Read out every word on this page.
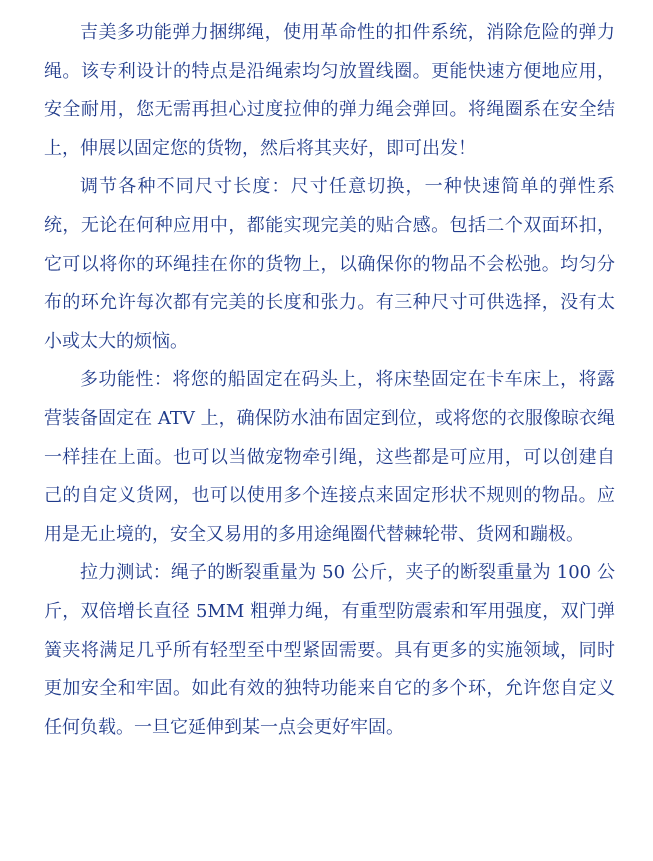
吉美多功能弹力捆绑绳，使用革命性的扣件系统，消除危险的弹力绳。该专利设计的特点是沿绳索均匀放置线圈。更能快速方便地应用，安全耐用，您无需再担心过度拉伸的弹力绳会弹回。将绳圈系在安全结上，伸展以固定您的货物，然后将其夹好，即可出发！

调节各种不同尺寸长度：尺寸任意切换，一种快速简单的弹性系统，无论在何种应用中，都能实现完美的贴合感。包括二个双面环扣，它可以将你的环绳挂在你的货物上，以确保你的物品不会松弛。均匀分布的环允许每次都有完美的长度和张力。有三种尺寸可供选择，没有太小或太大的烦恼。

多功能性：将您的船固定在码头上，将床垫固定在卡车床上，将露营装备固定在 ATV 上，确保防水油布固定到位，或将您的衣服像晾衣绳一样挂在上面。也可以当做宠物牵引绳，这些都是可应用，可以创建自己的自定义货网，也可以使用多个连接点来固定形状不规则的物品。应用是无止境的，安全又易用的多用途绳圈代替棘轮带、货网和蹦极。

拉力测试：绳子的断裂重量为 50 公斤，夹子的断裂重量为 100 公斤，双倍增长直径 5MM 粗弹力绳，有重型防震索和军用强度，双门弹簧夹将满足几乎所有轻型至中型紧固需要。具有更多的实施领域，同时更加安全和牢固。如此有效的独特功能来自它的多个环，允许您自定义任何负载。一旦它延伸到某一点会更好牢固。
